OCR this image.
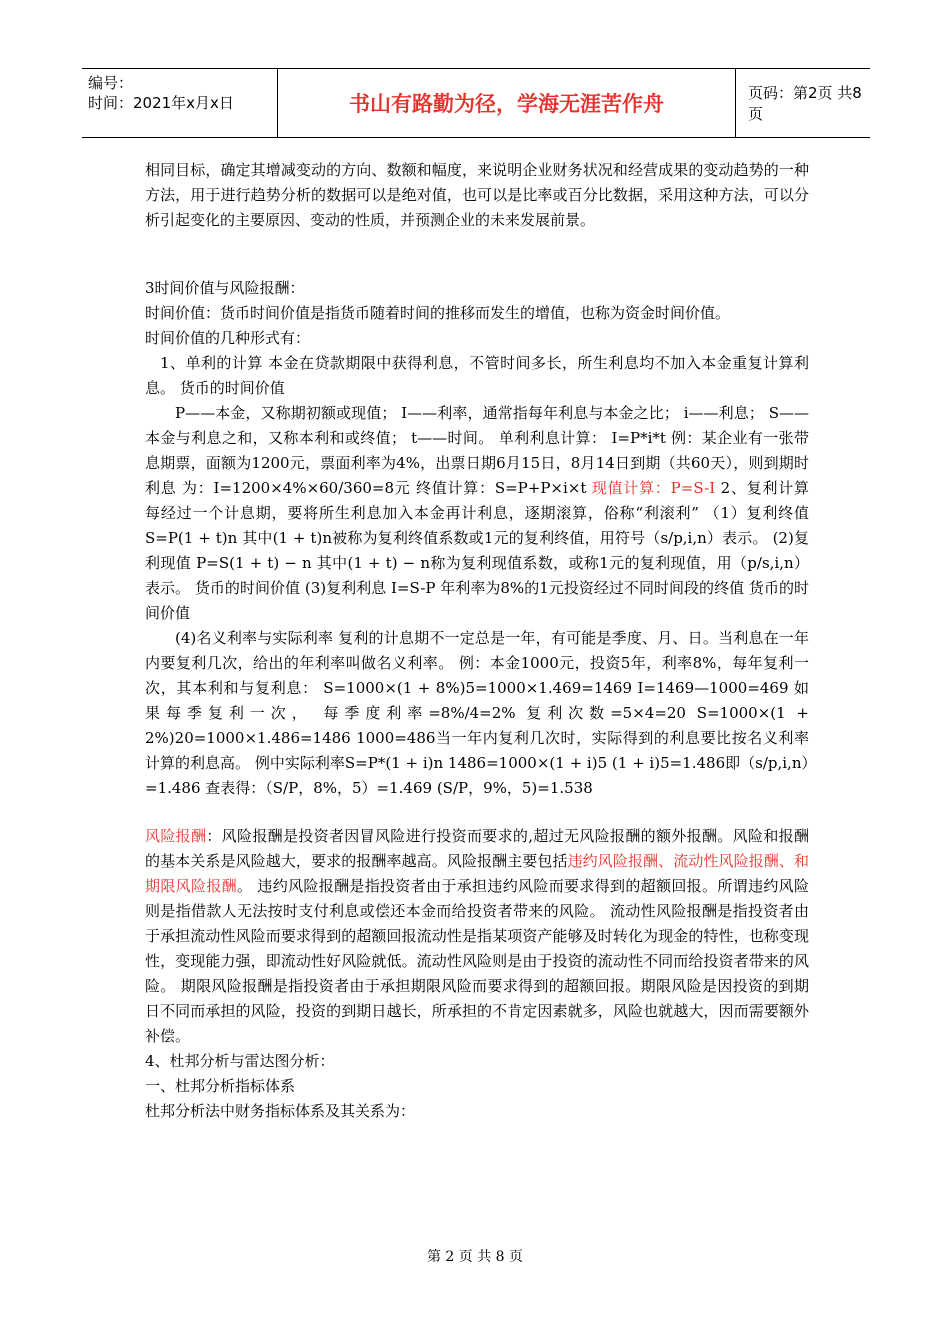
编号：
时间：2021年x月x日	书山有路勤为径，学海无涯苦作舟	页码：第2页 共8页

相同目标，确定其增减变动的方向、数额和幅度，来说明企业财务状况和经营成果的变动趋势的一种方法，用于进行趋势分析的数据可以是绝对值，也可以是比率或百分比数据，采用这种方法，可以分析引起变化的主要原因、变动的性质，并预测企业的未来发展前景。

3时间价值与风险报酬：

时间价值：货币时间价值是指货币随着时间的推移而发生的增值，也称为资金时间价值。

时间价值的几种形式有：

1、单利的计算 本金在贷款期限中获得利息，不管时间多长，所生利息均不加入本金重复计算利息。 货币的时间价值

P——本金，又称期初额或现值； I——利率，通常指每年利息与本金之比； i——利息； S——本金与利息之和，又称本利和或终值； t——时间。 单利利息计算： I=P*i*t 例：某企业有一张带息期票，面额为1200元，票面利率为4%，出票日期6月15日，8月14日到期（共60天），则到期时利息 为：I=1200×4%×60/360=8元 终值计算：S=P+P×i×t 现值计算：P=S-I 2、复利计算 每经过一个计息期，要将所生利息加入本金再计利息，逐期滚算，俗称“利滚利” （1）复利终值 S=P(1 + t)n 其中(1 + t)n被称为复利终值系数或1元的复利终值，用符号（s/p,i,n）表示。 (2)复利现值 P=S(1 + t) − n 其中(1 + t) − n称为复利现值系数，或称1元的复利现值，用（p/s,i,n）表示。 货币的时间价值 (3)复利利息 I=S-P 年利率为8%的1元投资经过不同时间段的终值 货币的时间价值

(4)名义利率与实际利率 复利的计息期不一定总是一年，有可能是季度、月、日。当利息在一年内要复利几次，给出的年利率叫做名义利率。 例：本金1000元，投资5年，利率8%，每年复利一次，其本利和与复利息： S=1000×(1 + 8%)5=1000×1.469=1469 I=1469—1000=469 如果每季复利一次， 每季度利率=8%/4=2% 复利次数=5×4=20 S=1000×(1 + 2%)20=1000×1.486=1486 1000=486当一年内复利几次时，实际得到的利息要比按名义利率计算的利息高。 例中实际利率S=P*(1 + i)n 1486=1000×(1 + i)5 (1 + i)5=1.486即（s/p,i,n）=1.486 查表得：（S/P，8%，5）=1.469 (S/P，9%，5)=1.538

风险报酬：风险报酬是投资者因冒风险进行投资而要求的,超过无风险报酬的额外报酬。风险和报酬的基本关系是风险越大，要求的报酬率越高。风险报酬主要包括违约风险报酬、流动性风险报酬、和期限风险报酬。 违约风险报酬是指投资者由于承担违约风险而要求得到的超额回报。所谓违约风险则是指借款人无法按时支付利息或偿还本金而给投资者带来的风险。 流动性风险报酬是指投资者由于承担流动性风险而要求得到的超额回报流动性是指某项资产能够及时转化为现金的特性，也称变现性，变现能力强，即流动性好风险就低。流动性风险则是由于投资的流动性不同而给投资者带来的风险。 期限风险报酬是指投资者由于承担期限风险而要求得到的超额回报。期限风险是因投资的到期日不同而承担的风险，投资的到期日越长，所承担的不肯定因素就多，风险也就越大，因而需要额外补偿。

4、杜邦分析与雷达图分析：

一、杜邦分析指标体系

杜邦分析法中财务指标体系及其关系为：

第 2 页 共 8 页
